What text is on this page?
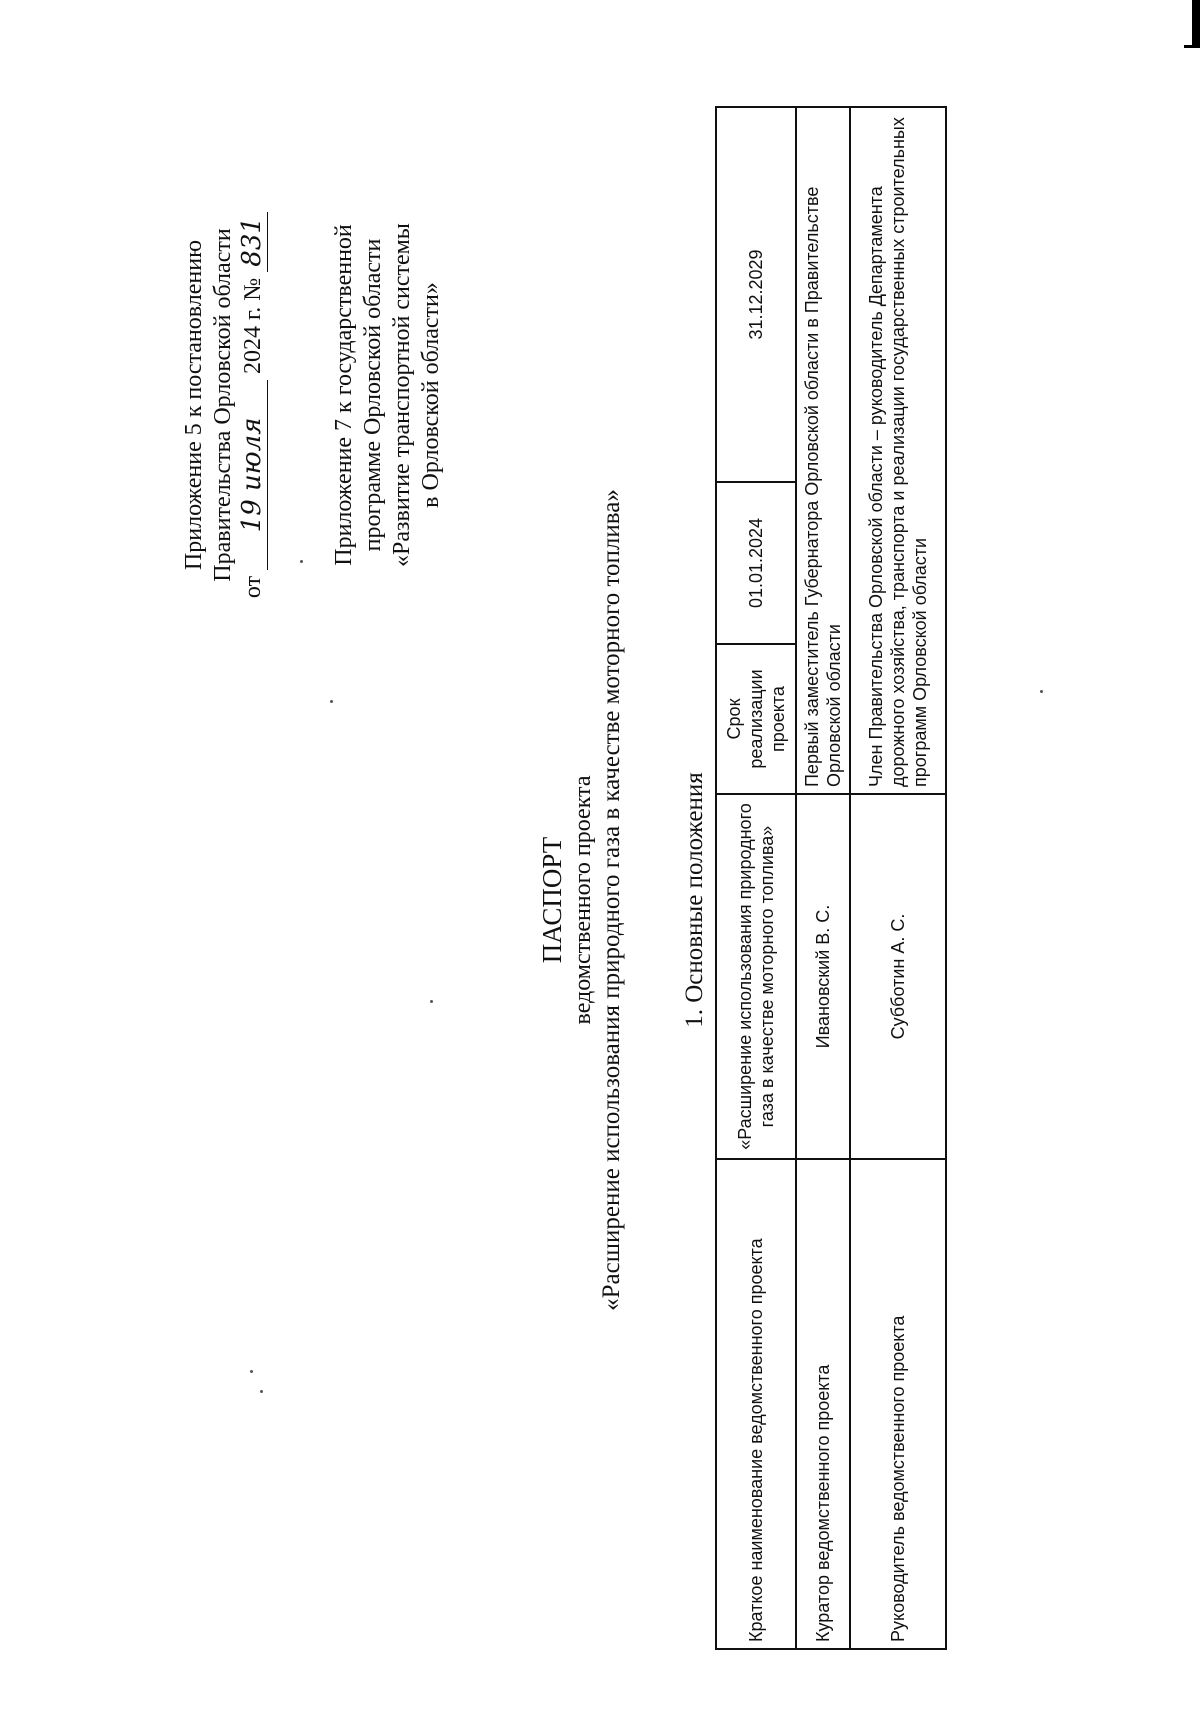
Приложение 5 к постановлению Правительства Орловской области
от 19 июля 2024 г. № 831	Приложение 7 к государственной программе Орловской области «Развитие транспортной системы в Орловской области»
ПАСПОРТ ведомственного проекта «Расширение использования природного газа в качестве моторного топлива» 1. Основные положения
Краткое наименование ведомственного проекта	«Расширение использования природного газа в качестве моторного топлива»	Срок реализации проекта	01.01.2024	31.12.2029
Куратор ведомственного проекта	Ивановский В. С.	Первый заместитель Губернатора Орловской области в Правительстве Орловской области		
Руководитель ведомственного проекта	Субботин А. С.	Член Правительства Орловской области – руководитель Департамента дорожного хозяйства, транспорта и реализации государственных строительных программ Орловской области		
